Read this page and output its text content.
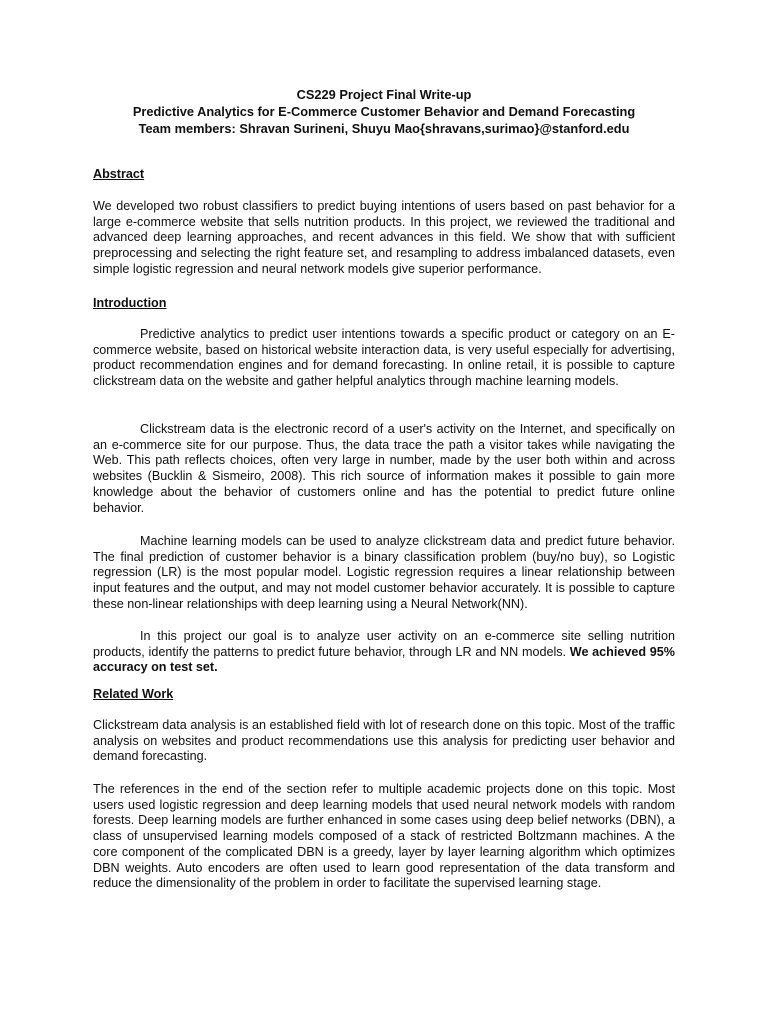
CS229 Project Final Write-up
Predictive Analytics for E-Commerce Customer Behavior and Demand Forecasting
Team members: Shravan Surineni, Shuyu Mao{shravans,surimao}@stanford.edu
Abstract
We developed two robust classifiers to predict buying intentions of users based on past behavior for a large e-commerce website that sells nutrition products. In this project, we reviewed the traditional and advanced deep learning approaches, and recent advances in this field. We show that with sufficient preprocessing and selecting the right feature set, and resampling to address imbalanced datasets, even simple logistic regression and neural network models give superior performance.
Introduction
Predictive analytics to predict user intentions towards a specific product or category on an E-commerce website, based on historical website interaction data, is very useful especially for advertising, product recommendation engines and for demand forecasting. In online retail, it is possible to capture clickstream data on the website and gather helpful analytics through machine learning models.
Clickstream data is the electronic record of a user's activity on the Internet, and specifically on an e-commerce site for our purpose. Thus, the data trace the path a visitor takes while navigating the Web. This path reflects choices, often very large in number, made by the user both within and across websites (Bucklin & Sismeiro, 2008). This rich source of information makes it possible to gain more knowledge about the behavior of customers online and has the potential to predict future online behavior.
Machine learning models can be used to analyze clickstream data and predict future behavior. The final prediction of customer behavior is a binary classification problem (buy/no buy), so Logistic regression (LR) is the most popular model. Logistic regression requires a linear relationship between input features and the output, and may not model customer behavior accurately. It is possible to capture these non-linear relationships with deep learning using a Neural Network(NN).
In this project our goal is to analyze user activity on an e-commerce site selling nutrition products, identify the patterns to predict future behavior, through LR and NN models. We achieved 95% accuracy on test set.
Related Work
Clickstream data analysis is an established field with lot of research done on this topic. Most of the traffic analysis on websites and product recommendations use this analysis for predicting user behavior and demand forecasting.
The references in the end of the section refer to multiple academic projects done on this topic. Most users used logistic regression and deep learning models that used neural network models with random forests. Deep learning models are further enhanced in some cases using deep belief networks (DBN), a class of unsupervised learning models composed of a stack of restricted Boltzmann machines. A the core component of the complicated DBN is a greedy, layer by layer learning algorithm which optimizes DBN weights. Auto encoders are often used to learn good representation of the data transform and reduce the dimensionality of the problem in order to facilitate the supervised learning stage.
